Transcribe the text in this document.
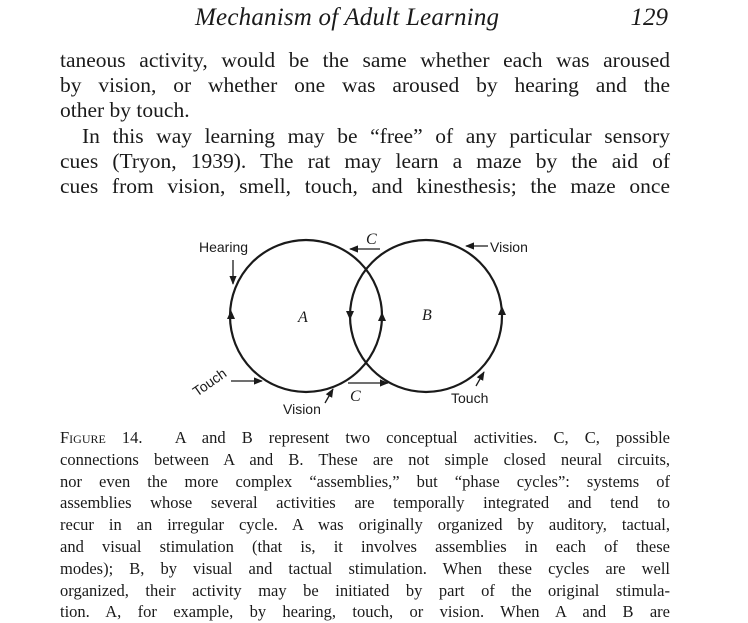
Mechanism of Adult Learning	129
taneous activity, would be the same whether each was aroused
by vision, or whether one was aroused by hearing and the
other by touch.
In this way learning may be “free” of any particular sensory
cues (Tryon, 1939). The rat may learn a maze by the aid of
cues from vision, smell, touch, and kinesthesis; the maze once
Hearing	Vision
C
A	B
Touch	C
Vision
Touch
Figure 14. A and B represent two conceptual activities. C, C, possible
connections between A and B. These are not simple closed neural circuits,
nor even the more complex “assemblies,” but “phase cycles”: systems of
assemblies whose several activities are temporally integrated and tend to
recur in an irregular cycle. A was originally organized by auditory, tactual,
and visual stimulation (that is, it involves assemblies in each of these
modes); B, by visual and tactual stimulation. When these cycles are well
organized, their activity may be initiated by part of the original stimula-
tion. A, for example, by hearing, touch, or vision. When A and B are
